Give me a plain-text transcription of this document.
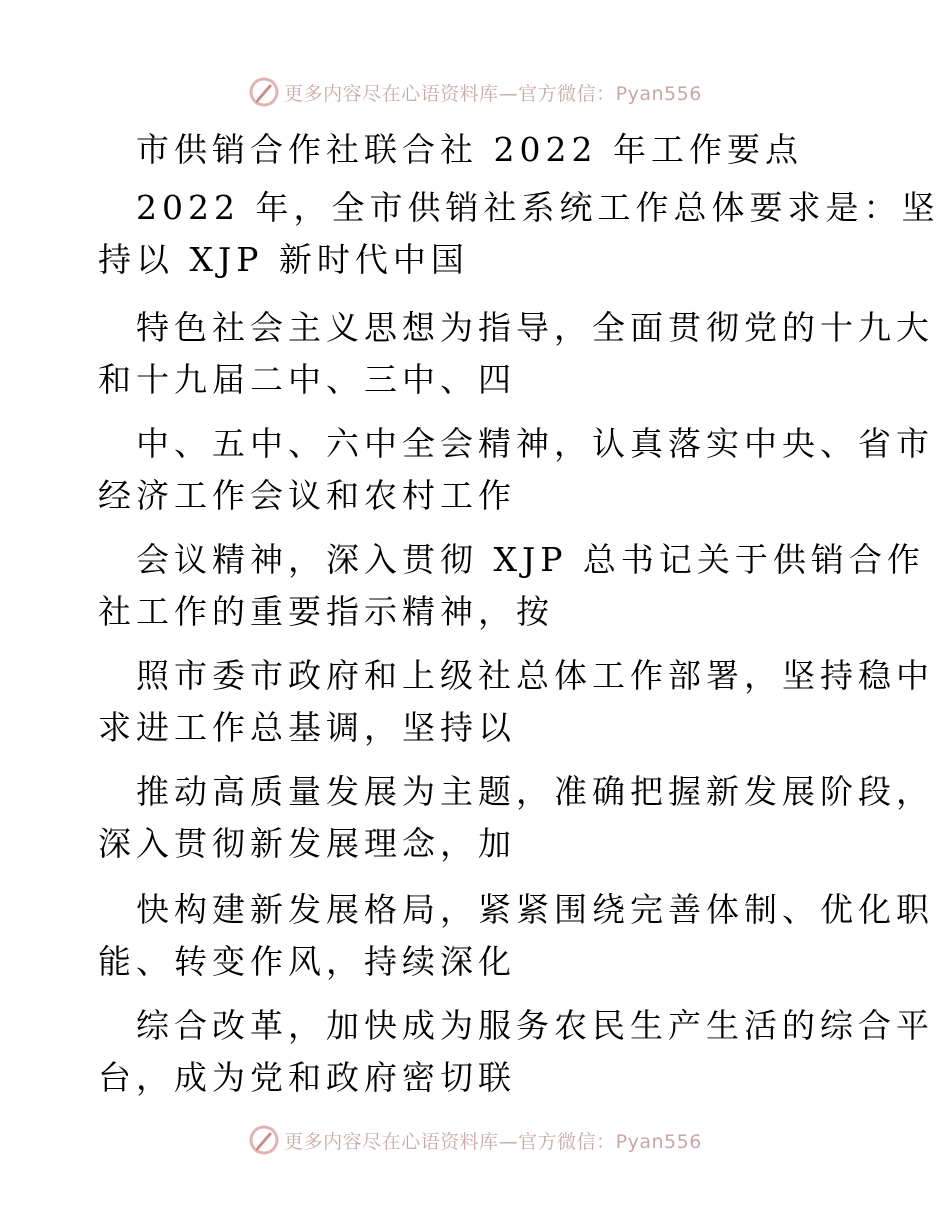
更多内容尽在心语资料库—官方微信：Pyan556
市供销合作社联合社 2022 年工作要点
2022 年，全市供销社系统工作总体要求是：坚
持以 XJP 新时代中国
特色社会主义思想为指导，全面贯彻党的十九大
和十九届二中、三中、四
中、五中、六中全会精神，认真落实中央、省市
经济工作会议和农村工作
会议精神，深入贯彻 XJP 总书记关于供销合作
社工作的重要指示精神，按
照市委市政府和上级社总体工作部署，坚持稳中
求进工作总基调，坚持以
推动高质量发展为主题，准确把握新发展阶段，
深入贯彻新发展理念，加
快构建新发展格局，紧紧围绕完善体制、优化职
能、转变作风，持续深化
综合改革，加快成为服务农民生产生活的综合平
台，成为党和政府密切联
更多内容尽在心语资料库—官方微信：Pyan556
